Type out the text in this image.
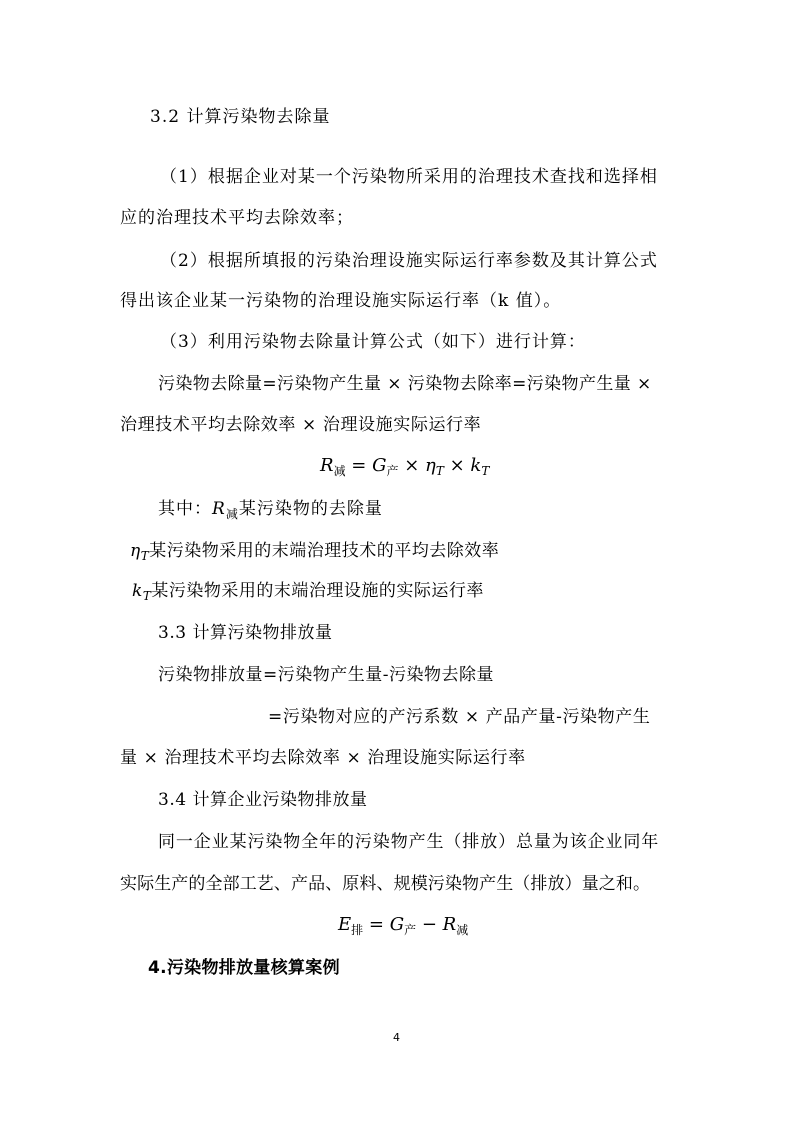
3.2 计算污染物去除量
（1）根据企业对某一个污染物所采用的治理技术查找和选择相
应的治理技术平均去除效率；
（2）根据所填报的污染治理设施实际运行率参数及其计算公式
得出该企业某一污染物的治理设施实际运行率（k 值）。
（3）利用污染物去除量计算公式（如下）进行计算：
污染物去除量=污染物产生量 × 污染物去除率=污染物产生量 ×
治理技术平均去除效率 × 治理设施实际运行率
$R_减 = G_产 \times \eta_T \times k_T$
其中：$R_减$某污染物的去除量
$\eta_T$某污染物采用的末端治理技术的平均去除效率
$k_T$某污染物采用的末端治理设施的实际运行率
3.3 计算污染物排放量
污染物排放量=污染物产生量-污染物去除量
=污染物对应的产污系数 × 产品产量-污染物产生
量 × 治理技术平均去除效率 × 治理设施实际运行率
3.4 计算企业污染物排放量
同一企业某污染物全年的污染物产生（排放）总量为该企业同年
实际生产的全部工艺、产品、原料、规模污染物产生（排放）量之和。
$E_排 = G_产 - R_减$
4.污染物排放量核算案例
4
